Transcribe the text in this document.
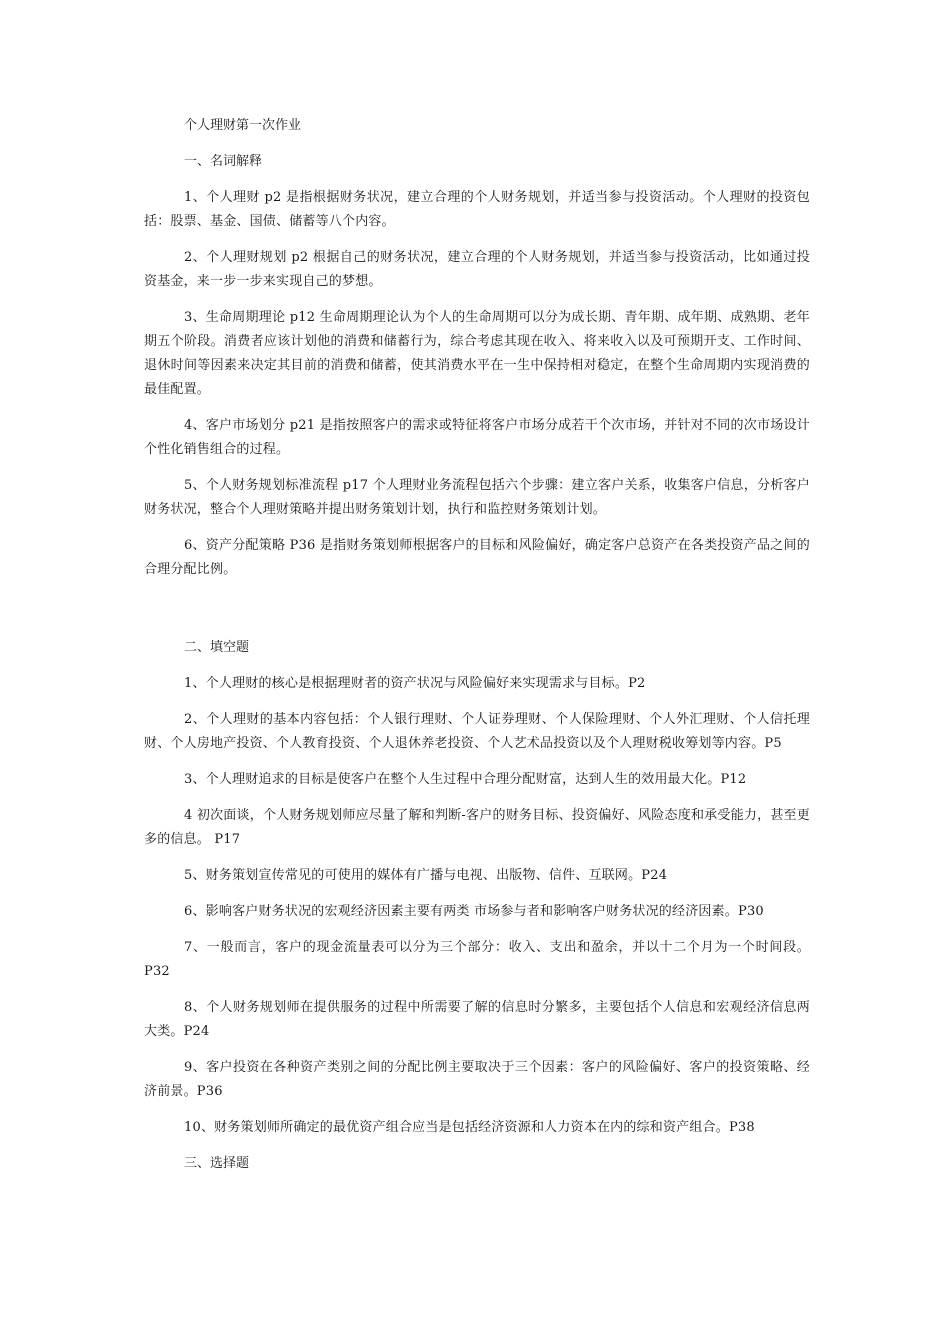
个人理财第一次作业

一、名词解释

1、个人理财 p2 是指根据财务状况，建立合理的个人财务规划，并适当参与投资活动。个人理财的投资包括：股票、基金、国债、储蓄等八个内容。

2、个人理财规划 p2 根据自己的财务状况，建立合理的个人财务规划，并适当参与投资活动，比如通过投资基金，来一步一步来实现自己的梦想。

3、生命周期理论 p12 生命周期理论认为个人的生命周期可以分为成长期、青年期、成年期、成熟期、老年期五个阶段。消费者应该计划他的消费和储蓄行为，综合考虑其现在收入、将来收入以及可预期开支、工作时间、退休时间等因素来决定其目前的消费和储蓄，使其消费水平在一生中保持相对稳定，在整个生命周期内实现消费的最佳配置。

4、客户市场划分 p21 是指按照客户的需求或特征将客户市场分成若干个次市场，并针对不同的次市场设计个性化销售组合的过程。

5、个人财务规划标准流程 p17 个人理财业务流程包括六个步骤：建立客户关系，收集客户信息，分析客户财务状况，整合个人理财策略并提出财务策划计划，执行和监控财务策划计划。

6、资产分配策略 P36 是指财务策划师根据客户的目标和风险偏好，确定客户总资产在各类投资产品之间的合理分配比例。

二、填空题

1、个人理财的核心是根据理财者的资产状况与风险偏好来实现需求与目标。P2

2、个人理财的基本内容包括：个人银行理财、个人证券理财、个人保险理财、个人外汇理财、个人信托理财、个人房地产投资、个人教育投资、个人退休养老投资、个人艺术品投资以及个人理财税收筹划等内容。P5

3、个人理财追求的目标是使客户在整个人生过程中合理分配财富，达到人生的效用最大化。P12

4 初次面谈，个人财务规划师应尽量了解和判断-客户的财务目标、投资偏好、风险态度和承受能力，甚至更多的信息。 P17

5、财务策划宣传常见的可使用的媒体有广播与电视、出版物、信件、互联网。P24

6、影响客户财务状况的宏观经济因素主要有两类 市场参与者和影响客户财务状况的经济因素。P30

7、一般而言，客户的现金流量表可以分为三个部分：收入、支出和盈余，并以十二个月为一个时间段。P32

8、个人财务规划师在提供服务的过程中所需要了解的信息时分繁多，主要包括个人信息和宏观经济信息两大类。P24

9、客户投资在各种资产类别之间的分配比例主要取决于三个因素：客户的风险偏好、客户的投资策略、经济前景。P36

10、财务策划师所确定的最优资产组合应当是包括经济资源和人力资本在内的综和资产组合。P38

三、选择题
